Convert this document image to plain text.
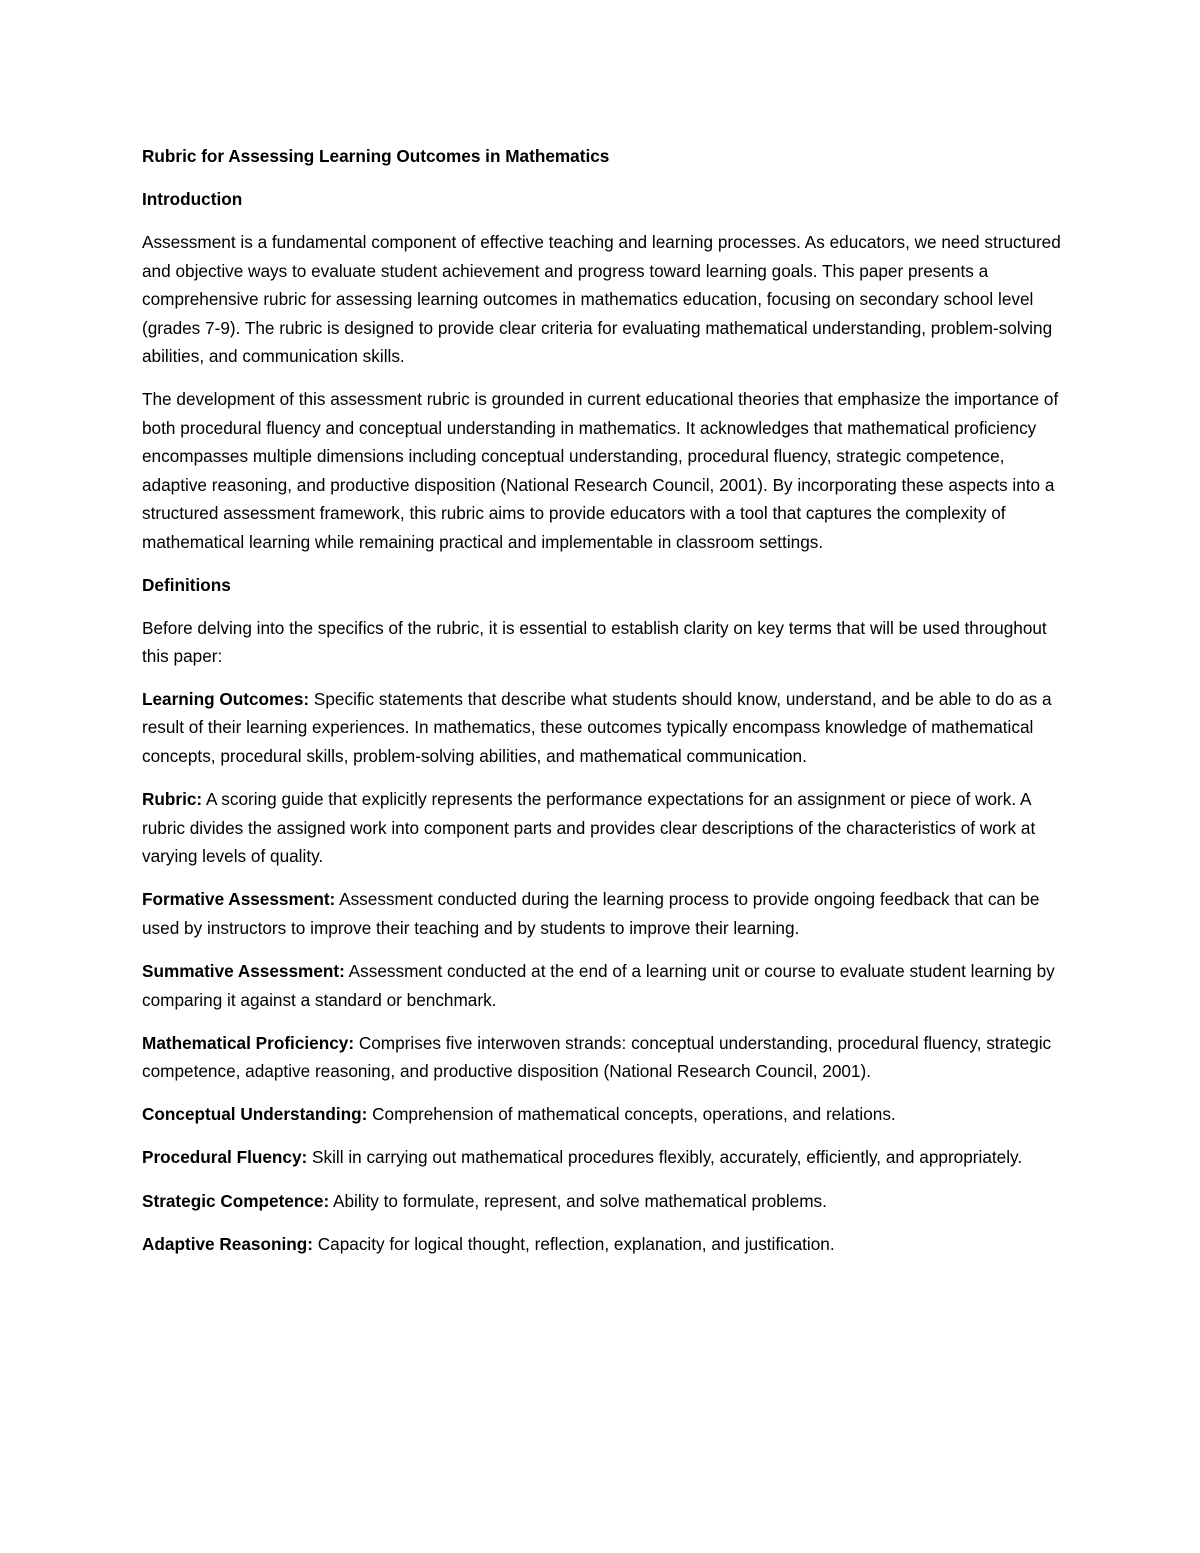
Rubric for Assessing Learning Outcomes in Mathematics

Introduction

Assessment is a fundamental component of effective teaching and learning processes. As educators, we need structured and objective ways to evaluate student achievement and progress toward learning goals. This paper presents a comprehensive rubric for assessing learning outcomes in mathematics education, focusing on secondary school level (grades 7-9). The rubric is designed to provide clear criteria for evaluating mathematical understanding, problem-solving abilities, and communication skills.

The development of this assessment rubric is grounded in current educational theories that emphasize the importance of both procedural fluency and conceptual understanding in mathematics. It acknowledges that mathematical proficiency encompasses multiple dimensions including conceptual understanding, procedural fluency, strategic competence, adaptive reasoning, and productive disposition (National Research Council, 2001). By incorporating these aspects into a structured assessment framework, this rubric aims to provide educators with a tool that captures the complexity of mathematical learning while remaining practical and implementable in classroom settings.

Definitions

Before delving into the specifics of the rubric, it is essential to establish clarity on key terms that will be used throughout this paper:

Learning Outcomes: Specific statements that describe what students should know, understand, and be able to do as a result of their learning experiences. In mathematics, these outcomes typically encompass knowledge of mathematical concepts, procedural skills, problem-solving abilities, and mathematical communication.

Rubric: A scoring guide that explicitly represents the performance expectations for an assignment or piece of work. A rubric divides the assigned work into component parts and provides clear descriptions of the characteristics of work at varying levels of quality.

Formative Assessment: Assessment conducted during the learning process to provide ongoing feedback that can be used by instructors to improve their teaching and by students to improve their learning.

Summative Assessment: Assessment conducted at the end of a learning unit or course to evaluate student learning by comparing it against a standard or benchmark.

Mathematical Proficiency: Comprises five interwoven strands: conceptual understanding, procedural fluency, strategic competence, adaptive reasoning, and productive disposition (National Research Council, 2001).

Conceptual Understanding: Comprehension of mathematical concepts, operations, and relations.

Procedural Fluency: Skill in carrying out mathematical procedures flexibly, accurately, efficiently, and appropriately.

Strategic Competence: Ability to formulate, represent, and solve mathematical problems.

Adaptive Reasoning: Capacity for logical thought, reflection, explanation, and justification.
